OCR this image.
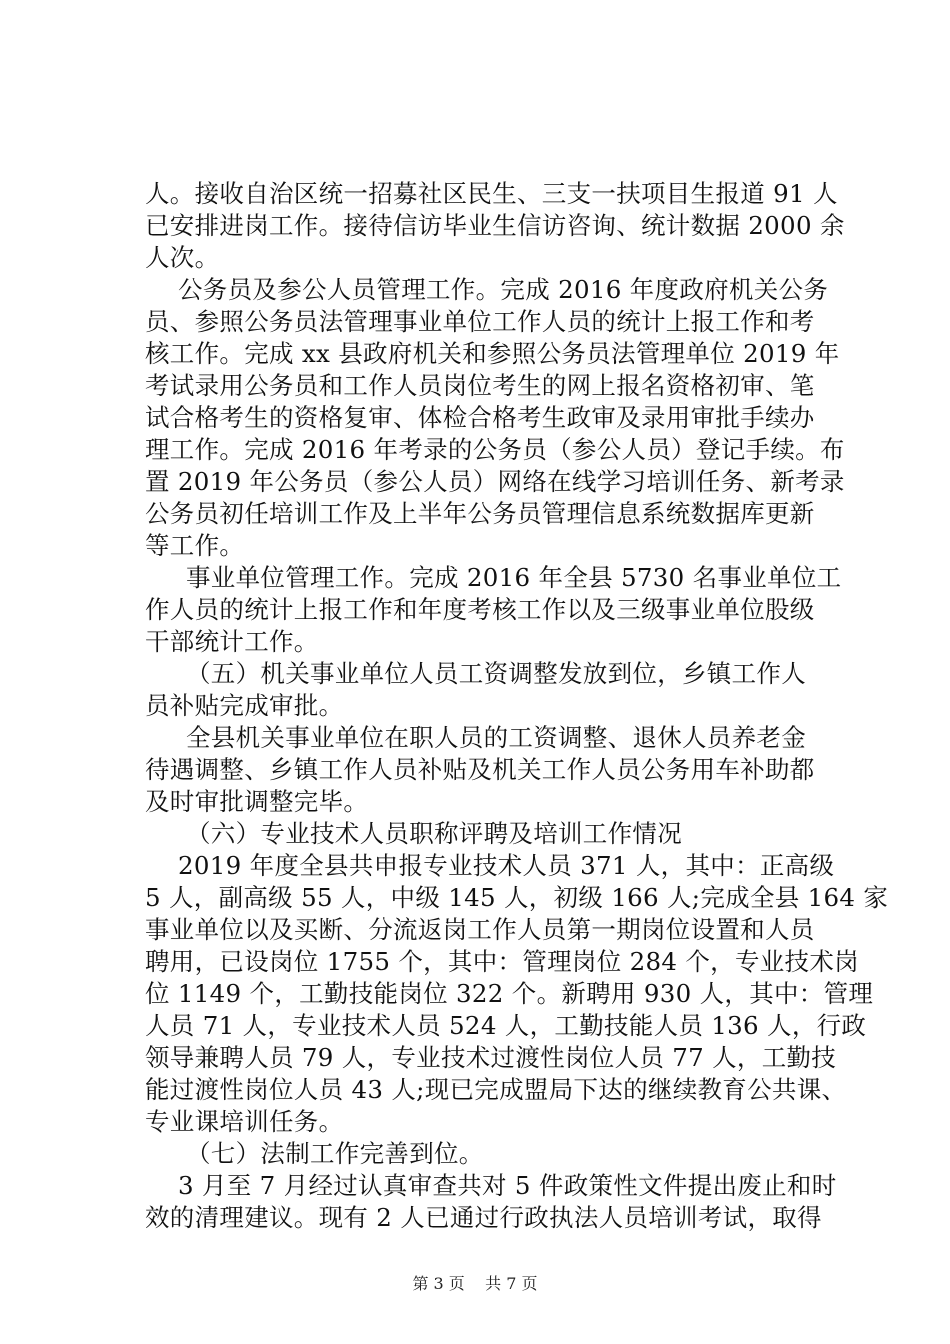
人。接收自治区统一招募社区民生、三支一扶项目生报道 91 人
已安排进岗工作。接待信访毕业生信访咨询、统计数据 2000 余
人次。
公务员及参公人员管理工作。完成 2016 年度政府机关公务
员、参照公务员法管理事业单位工作人员的统计上报工作和考
核工作。完成 xx 县政府机关和参照公务员法管理单位 2019 年
考试录用公务员和工作人员岗位考生的网上报名资格初审、笔
试合格考生的资格复审、体检合格考生政审及录用审批手续办
理工作。完成 2016 年考录的公务员（参公人员）登记手续。布
置 2019 年公务员（参公人员）网络在线学习培训任务、新考录
公务员初任培训工作及上半年公务员管理信息系统数据库更新
等工作。
事业单位管理工作。完成 2016 年全县 5730 名事业单位工
作人员的统计上报工作和年度考核工作以及三级事业单位股级
干部统计工作。
（五）机关事业单位人员工资调整发放到位，乡镇工作人
员补贴完成审批。
全县机关事业单位在职人员的工资调整、退休人员养老金
待遇调整、乡镇工作人员补贴及机关工作人员公务用车补助都
及时审批调整完毕。
（六）专业技术人员职称评聘及培训工作情况
2019 年度全县共申报专业技术人员 371 人，其中：正高级
5 人，副高级 55 人，中级 145 人，初级 166 人;完成全县 164 家
事业单位以及买断、分流返岗工作人员第一期岗位设置和人员
聘用，已设岗位 1755 个，其中：管理岗位 284 个，专业技术岗
位 1149 个，工勤技能岗位 322 个。新聘用 930 人，其中：管理
人员 71 人，专业技术人员 524 人，工勤技能人员 136 人，行政
领导兼聘人员 79 人，专业技术过渡性岗位人员 77 人，工勤技
能过渡性岗位人员 43 人;现已完成盟局下达的继续教育公共课、
专业课培训任务。
（七）法制工作完善到位。
3 月至 7 月经过认真审查共对 5 件政策性文件提出废止和时
效的清理建议。现有 2 人已通过行政执法人员培训考试，取得
第 3 页 共 7 页
